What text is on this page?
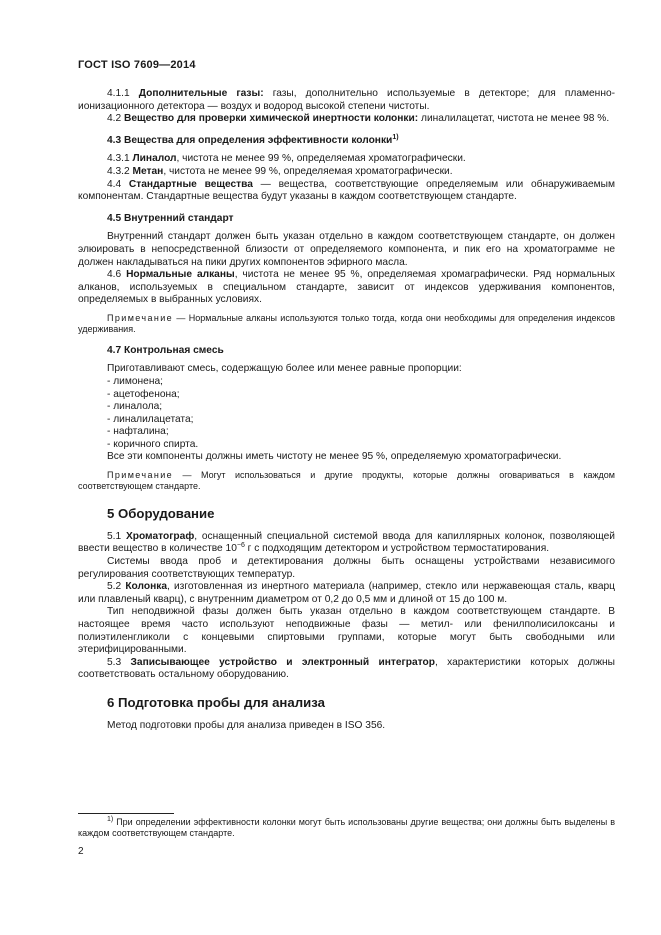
ГОСТ ISO 7609—2014

4.1.1 Дополнительные газы: газы, дополнительно используемые в детекторе; для пламенно-ионизационного детектора — воздух и водород высокой степени чистоты.

4.2 Вещество для проверки химической инертности колонки: линалилацетат, чистота не менее 98 %.

4.3 Вещества для определения эффективности колонки$^{1)}$

4.3.1 Линалол, чистота не менее 99 %, определяемая хроматографически.

4.3.2 Метан, чистота не менее 99 %, определяемая хроматографически.

4.4 Стандартные вещества — вещества, соответствующие определяемым или обнаруживаемым компонентам. Стандартные вещества будут указаны в каждом соответствующем стандарте.

4.5 Внутренний стандарт

Внутренний стандарт должен быть указан отдельно в каждом соответствующем стандарте, он должен элюировать в непосредственной близости от определяемого компонента, и пик его на хроматограмме не должен накладываться на пики других компонентов эфирного масла.

4.6 Нормальные алканы, чистота не менее 95 %, определяемая хромаграфически. Ряд нормальных алканов, используемых в специальном стандарте, зависит от индексов удерживания компонентов, определяемых в выбранных условиях.

Примечание — Нормальные алканы используются только тогда, когда они необходимы для определения индексов удерживания.

4.7 Контрольная смесь

Приготавливают смесь, содержащую более или менее равные пропорции:

- лимонена;
- ацетофенона;
- линалола;
- линалилацетата;
- нафталина;
- коричного спирта.

Все эти компоненты должны иметь чистоту не менее 95 %, определяемую хроматографически.

Примечание — Могут использоваться и другие продукты, которые должны оговариваться в каждом соответствующем стандарте.

5 Оборудование

5.1 Хроматограф, оснащенный специальной системой ввода для капиллярных колонок, позволяющей ввести вещество в количестве $10^{-6}$ г с подходящим детектором и устройством термостатирования.

Системы ввода проб и детектирования должны быть оснащены устройствами независимого регулирования соответствующих температур.

5.2 Колонка, изготовленная из инертного материала (например, стекло или нержавеющая сталь, кварц или плавленый кварц), с внутренним диаметром от 0,2 до 0,5 мм и длиной от 15 до 100 м.

Тип неподвижной фазы должен быть указан отдельно в каждом соответствующем стандарте. В настоящее время часто используют неподвижные фазы — метил- или фенилполисилоксаны и полиэтиленгликоли с концевыми спиртовыми группами, которые могут быть свободными или этерифицированными.

5.3 Записывающее устройство и электронный интегратор, характеристики которых должны соответствовать остальному оборудованию.

6 Подготовка пробы для анализа

Метод подготовки пробы для анализа приведен в ISO 356.

$^{1)}$ При определении эффективности колонки могут быть использованы другие вещества; они должны быть выделены в каждом соответствующем стандарте.

2
